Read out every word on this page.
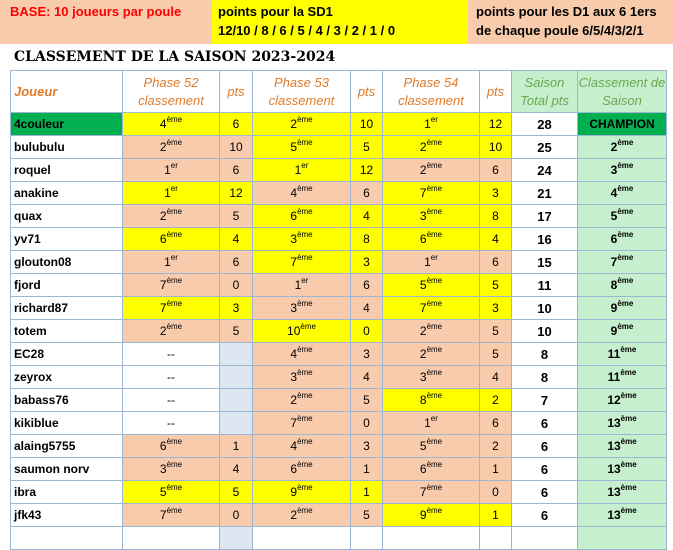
BASE: 10 joueurs par poule	points pour la SD1
12/10 / 8 / 6 / 5 / 4 / 3 / 2 / 1 / 0
points pour les D1 aux 6 1ers
de chaque poule 6/5/4/3/2/1
CLASSEMENT DE LA SAISON 2023-2024
Joueur	Phase 52 classement	pts	Phase 53 classement	pts	Phase 54 classement	pts	Saison Total pts	Classement de Saison
4couleur	4ème	6	2ème	10	1er	12	28	CHAMPION
bulubulu	2ème	10	5ème	5	2ème	10	25	2ème
roquel	1er	6	1er	12	2ème	6	24	3ème
anakine	1er	12	4ème	6	7ème	3	21	4ème
quax	2ème	5	6ème	4	3ème	8	17	5ème
yv71	6ème	4	3ème	8	6ème	4	16	6ème
glouton08	1er	6	7ème	3	1er	6	15	7ème
fjord	7ème	0	1er	6	5ème	5	11	8ème
richard87	7ème	3	3ème	4	7ème	3	10	9ème
totem	2ème	5	10ème	0	2ème	5	10	9ème
EC28	--		4ème	3	2ème	5	8	11ème
zeyrox	--		3ème	4	3ème	4	8	11ème
babass76	--		2ème	5	8ème	2	7	12ème
kikiblue	--		7ème	0	1er	6	6	13ème
alaing5755	6ème	1	4ème	3	5ème	2	6	13ème
saumon norv	3ème	4	6ème	1	6ème	1	6	13ème
ibra	5ème	5	9ème	1	7ème	0	6	13ème
jfk43	7ème	0	2ème	5	9ème	1	6	13ème
